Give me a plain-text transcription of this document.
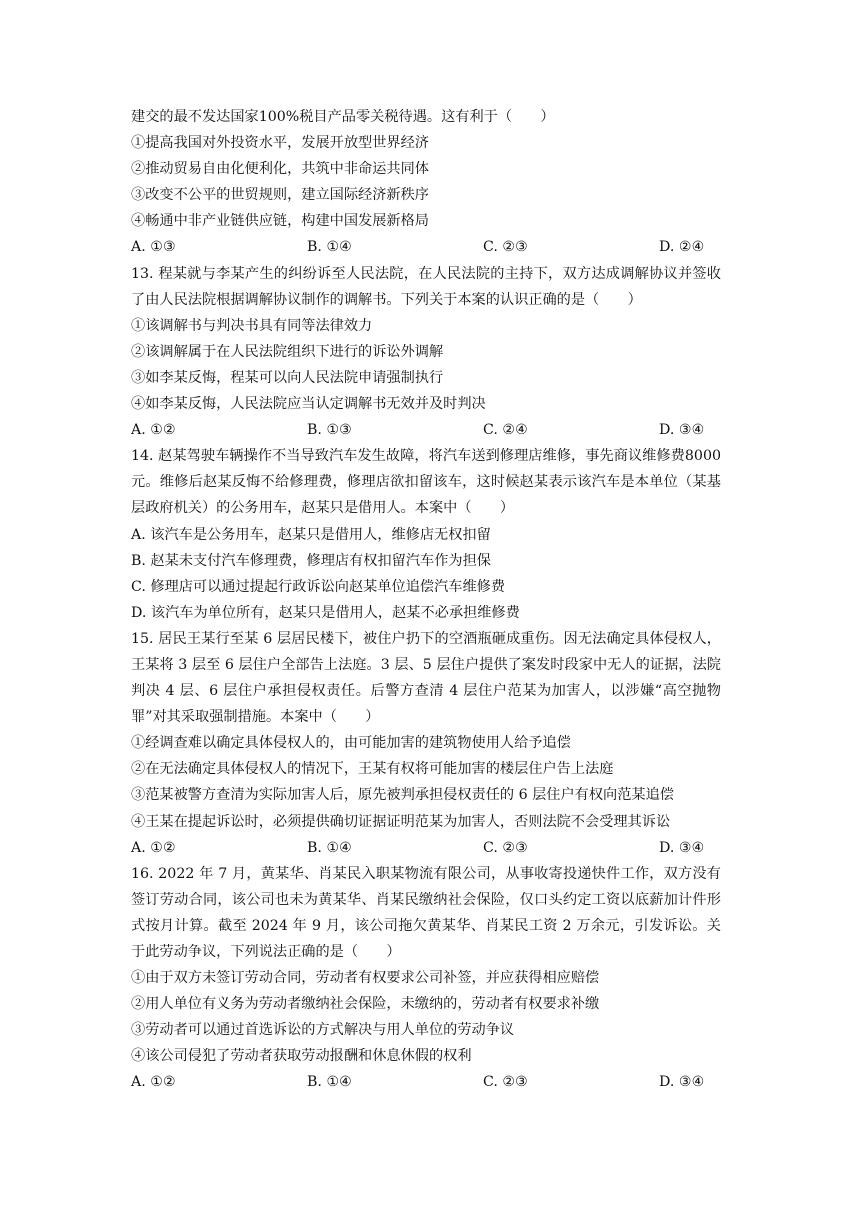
建交的最不发达国家100%税目产品零关税待遇。这有利于（　　）
①提高我国对外投资水平，发展开放型世界经济
②推动贸易自由化便利化，共筑中非命运共同体
③改变不公平的世贸规则，建立国际经济新秩序
④畅通中非产业链供应链，构建中国发展新格局
A. ①③	B. ①④	C. ②③	D. ②④
13. 程某就与李某产生的纠纷诉至人民法院，在人民法院的主持下，双方达成调解协议并签收了由人民法院根据调解协议制作的调解书。下列关于本案的认识正确的是（　　）
①该调解书与判决书具有同等法律效力
②该调解属于在人民法院组织下进行的诉讼外调解
③如李某反悔，程某可以向人民法院申请强制执行
④如李某反悔，人民法院应当认定调解书无效并及时判决
A. ①②	B. ①③	C. ②④	D. ③④
14. 赵某驾驶车辆操作不当导致汽车发生故障，将汽车送到修理店维修，事先商议维修费8000 元。维修后赵某反悔不给修理费，修理店欲扣留该车，这时候赵某表示该汽车是本单位（某基层政府机关）的公务用车，赵某只是借用人。本案中（　　）
A. 该汽车是公务用车，赵某只是借用人，维修店无权扣留
B. 赵某未支付汽车修理费，修理店有权扣留汽车作为担保
C. 修理店可以通过提起行政诉讼向赵某单位追偿汽车维修费
D. 该汽车为单位所有，赵某只是借用人，赵某不必承担维修费
15. 居民王某行至某 6 层居民楼下，被住户扔下的空酒瓶砸成重伤。因无法确定具体侵权人，王某将 3 层至 6 层住户全部告上法庭。3 层、5 层住户提供了案发时段家中无人的证据，法院判决 4 层、6 层住户承担侵权责任。后警方查清 4 层住户范某为加害人，以涉嫌“高空抛物罪”对其采取强制措施。本案中（　　）
①经调查难以确定具体侵权人的，由可能加害的建筑物使用人给予追偿
②在无法确定具体侵权人的情况下，王某有权将可能加害的楼层住户告上法庭
③范某被警方查清为实际加害人后，原先被判承担侵权责任的 6 层住户有权向范某追偿
④王某在提起诉讼时，必须提供确切证据证明范某为加害人，否则法院不会受理其诉讼
A. ①②	B. ①④	C. ②③	D. ③④
16. 2022 年 7 月，黄某华、肖某民入职某物流有限公司，从事收寄投递快件工作，双方没有签订劳动合同，该公司也未为黄某华、肖某民缴纳社会保险，仅口头约定工资以底薪加计件形式按月计算。截至 2024 年 9 月，该公司拖欠黄某华、肖某民工资 2 万余元，引发诉讼。关于此劳动争议，下列说法正确的是（　　）
①由于双方未签订劳动合同，劳动者有权要求公司补签，并应获得相应赔偿
②用人单位有义务为劳动者缴纳社会保险，未缴纳的，劳动者有权要求补缴
③劳动者可以通过首选诉讼的方式解决与用人单位的劳动争议
④该公司侵犯了劳动者获取劳动报酬和休息休假的权利
A. ①②	B. ①④	C. ②③	D. ③④
